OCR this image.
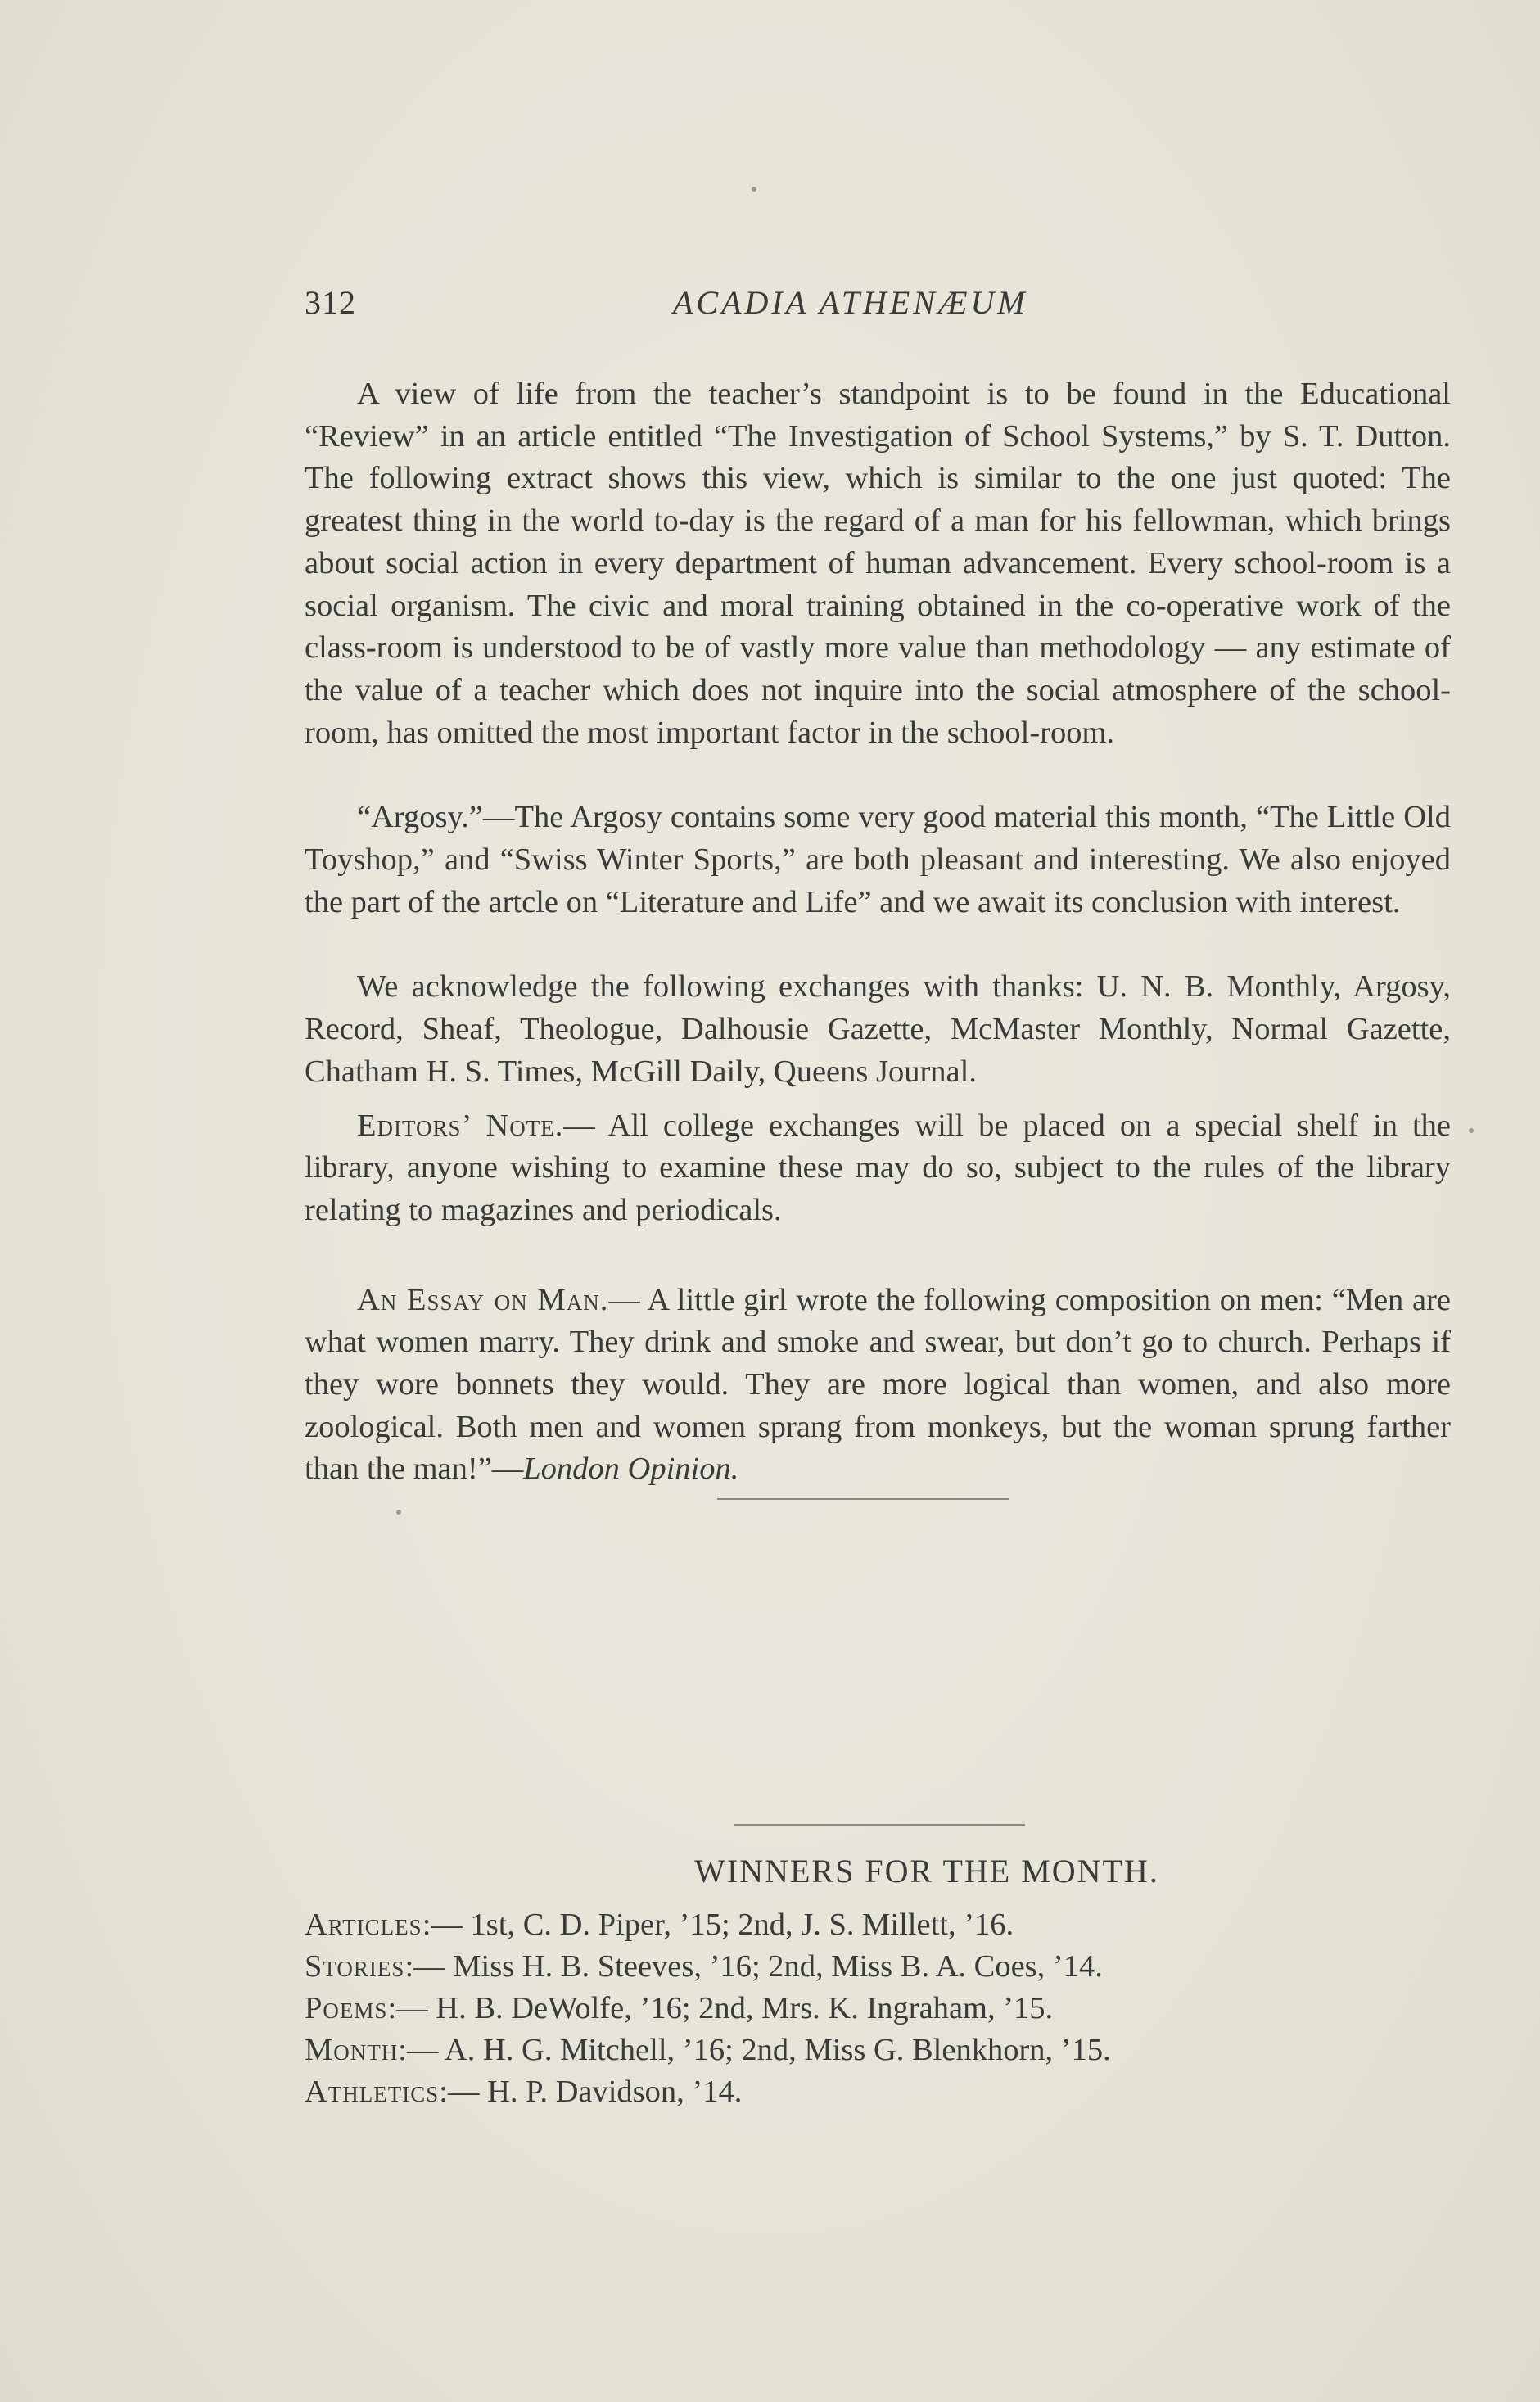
312	ACADIA ATHENÆUM

A view of life from the teacher’s standpoint is to be found in the Educational “Review” in an article entitled “The Investigation of School Systems,” by S. T. Dutton. The following extract shows this view, which is similar to the one just quoted: The greatest thing in the world to-day is the regard of a man for his fellowman, which brings about social action in every department of human advancement. Every school-room is a social organism. The civic and moral training obtained in the co-operative work of the class-room is understood to be of vastly more value than methodology — any estimate of the value of a teacher which does not inquire into the social atmosphere of the school-room, has omitted the most important factor in the school-room.

“Argosy.”—The Argosy contains some very good material this month, “The Little Old Toyshop,” and “Swiss Winter Sports,” are both pleasant and interesting. We also enjoyed the part of the artcle on “Literature and Life” and we await its conclusion with interest.

We acknowledge the following exchanges with thanks: U. N. B. Monthly, Argosy, Record, Sheaf, Theologue, Dalhousie Gazette, McMaster Monthly, Normal Gazette, Chatham H. S. Times, McGill Daily, Queens Journal.

Editors’ Note.— All college exchanges will be placed on a special shelf in the library, anyone wishing to examine these may do so, subject to the rules of the library relating to magazines and periodicals.

An Essay on Man.— A little girl wrote the following composition on men: “Men are what women marry. They drink and smoke and swear, but don’t go to church. Perhaps if they wore bonnets they would. They are more logical than women, and also more zoological. Both men and women sprang from monkeys, but the woman sprung farther than the man!”—London Opinion.

WINNERS FOR THE MONTH.
Articles:— 1st, C. D. Piper, ’15; 2nd, J. S. Millett, ’16.
Stories:— Miss H. B. Steeves, ’16; 2nd, Miss B. A. Coes, ’14.
Poems:— H. B. DeWolfe, ’16; 2nd, Mrs. K. Ingraham, ’15.
Month:— A. H. G. Mitchell, ’16; 2nd, Miss G. Blenkhorn, ’15.
Athletics:— H. P. Davidson, ’14.
